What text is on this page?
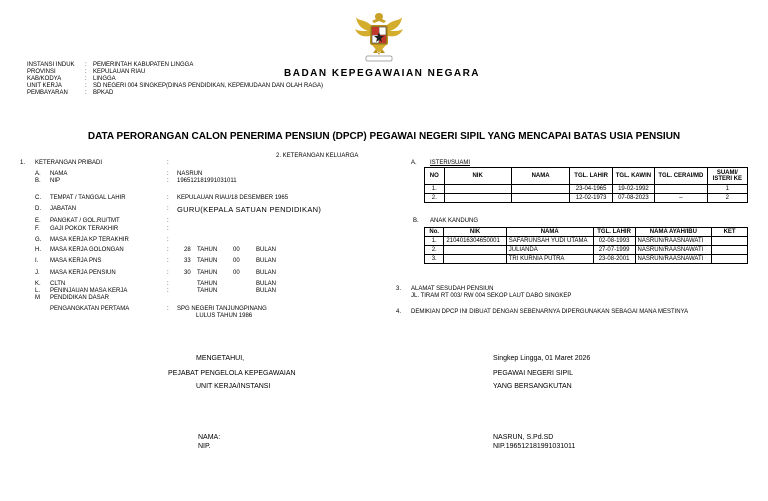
INSTANSI INDUK : PEMERINTAH KABUPATEN LINGGA
PROVINSI	: KEPULAUAN RIAU
KAB/KODYA	: LINGGA
UNIT KERJA	: SD NEGERI 004 SINGKEP(DINAS PENDIDIKAN, KEPEMUDAAN DAN OLAH RAGA)
PEMBAYARAN	: BPKAD
BADAN KEPEGAWAIAN NEGARA
DATA PERORANGAN CALON PENERIMA PENSIUN (DPCP) PEGAWAI NEGERI SIPIL YANG MENCAPAI BATAS USIA PENSIUN
1. KETERANGAN PRIBADI	:
A. NAMA	: NASRUN
B. NIP	: 196512181991031011
C. TEMPAT / TANGGAL LAHIR	: KEPULAUAN RIAU/18 DESEMBER 1965
D. JABATAN	: GURU(KEPALA SATUAN PENDIDIKAN)
E. PANGKAT / GOL.RU/TMT	:
F. GAJI POKOK TERAKHIR	:
G. MASA KERJA KP TERAKHIR	:
H. MASA KERJA GOLONGAN	:	28 TAHUN	00	BULAN
I. MASA KERJA PNS	:	33 TAHUN	00	BULAN
J. MASA KERJA PENSIUN	:	30 TAHUN	00	BULAN
K. CLTN	:	TAHUN	BULAN
L. PENINJAUAN MASA KERJA	:	TAHUN	BULAN
M PENDIDIKAN DASAR
PENGANGKATAN PERTAMA	: SPG NEGERI TANJUNGPINANG
LULUS TAHUN 1986
2. KETERANGAN KELUARGA
A. ISTERI/SUAMI
NO	NIK	NAMA	TGL. LAHIR	TGL. KAWIN	TGL. CERAI/MD	SUAMI/ ISTERI KE
1.			23-04-1965	19-02-1992		1
2.			12-02-1973	07-08-2023	–	2
B. ANAK KANDUNG
No.	NIK	NAMA	TGL. LAHIR	NAMA AYAH/IBU	KET
1.	2104016304650001	SAFARUNSAH YUDI UTAMA	02-08-1993	NASRUN/RAASNAWATI	
2.		JULIANDA	27-07-1999	NASRUN/RAASNAWATI	
3.		TRI KURNIA PUTRA	23-08-2001	NASRUN/RAASNAWATI	
3. ALAMAT SESUDAH PENSIUN
JL. TIRAM RT 003/ RW 004 SEKOP LAUT DABO SINGKEP
4. DEMIKIAN DPCP INI DIBUAT DENGAN SEBENARNYA DIPERGUNAKAN SEBAGAI MANA MESTINYA
MENGETAHUI,
PEJABAT PENGELOLA KEPEGAWAIAN
UNIT KERJA/INSTANSI
NAMA:
NIP.
Singkep Lingga, 01 Maret 2026
PEGAWAI NEGERI SIPIL
YANG BERSANGKUTAN
NASRUN, S.Pd.SD
NIP.196512181991031011
